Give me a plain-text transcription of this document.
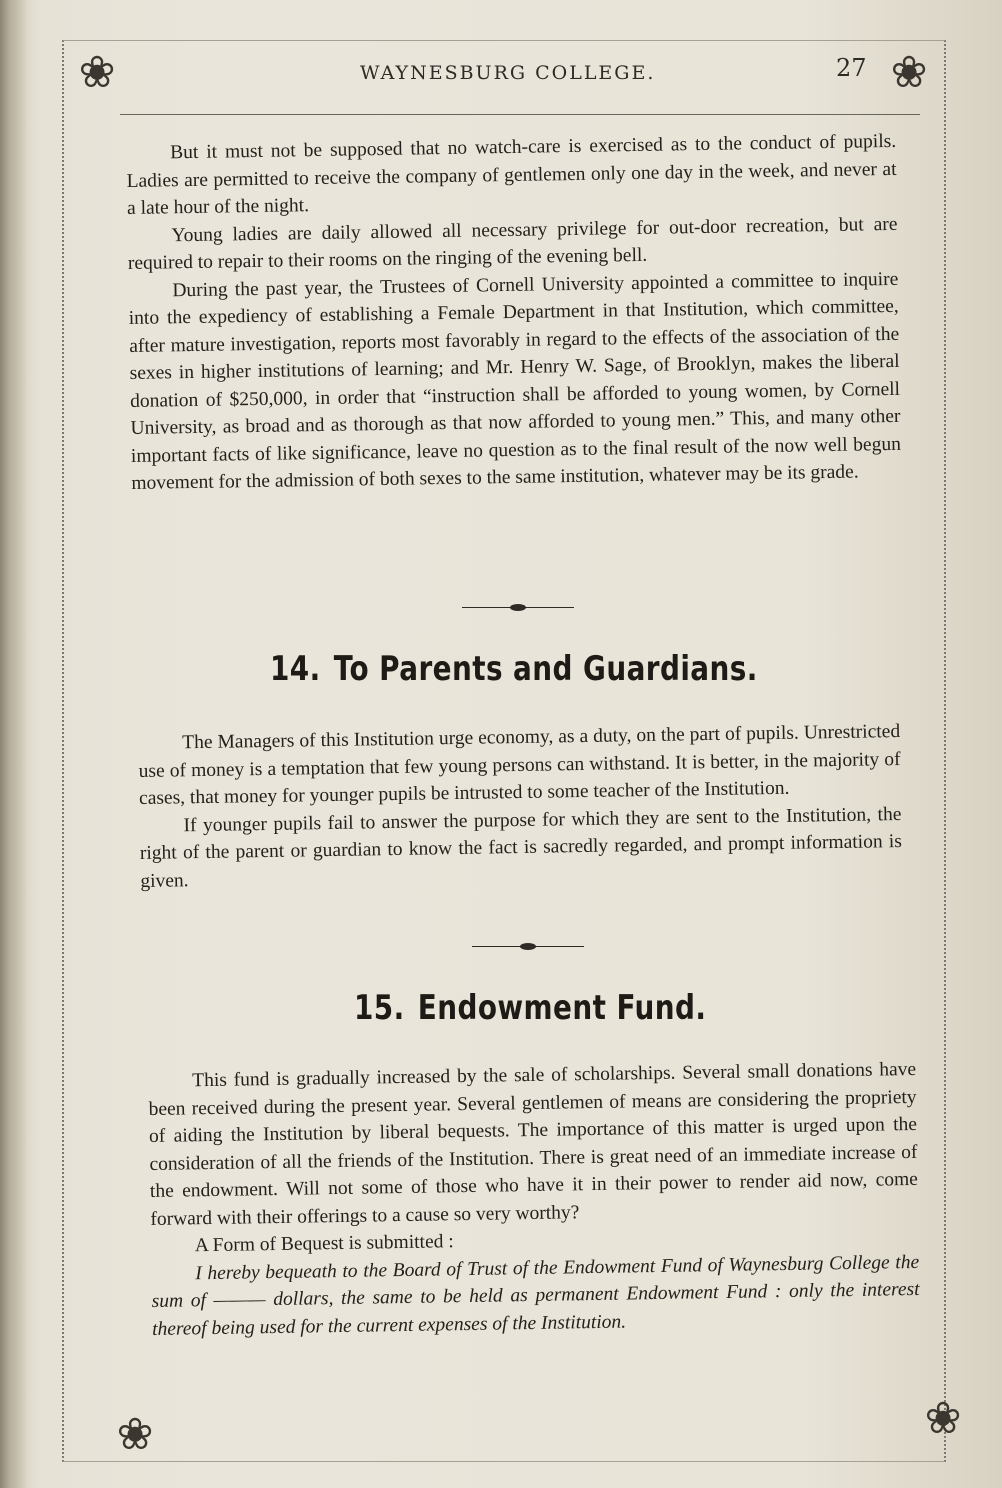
❀	❀
❀	❀
WAYNESBURG COLLEGE.	27

But it must not be supposed that no watch-care is exercised as to the conduct of pupils. Ladies are permitted to receive the company of gentlemen only one day in the week, and never at a late hour of the night.

Young ladies are daily allowed all necessary privilege for out-door recreation, but are required to repair to their rooms on the ringing of the evening bell.

During the past year, the Trustees of Cornell University appointed a committee to inquire into the expediency of establishing a Female Department in that Institution, which committee, after mature investigation, reports most favorably in regard to the effects of the association of the sexes in higher institutions of learning; and Mr. Henry W. Sage, of Brooklyn, makes the liberal donation of $250,000, in order that “instruction shall be afforded to young women, by Cornell University, as broad and as thorough as that now afforded to young men.” This, and many other important facts of like significance, leave no question as to the final result of the now well begun movement for the admission of both sexes to the same institution, whatever may be its grade.

14. To Parents and Guardians.

The Managers of this Institution urge economy, as a duty, on the part of pupils. Unrestricted use of money is a temptation that few young persons can withstand. It is better, in the majority of cases, that money for younger pupils be intrusted to some teacher of the Institution.

If younger pupils fail to answer the purpose for which they are sent to the Institution, the right of the parent or guardian to know the fact is sacredly regarded, and prompt information is given.

15. Endowment Fund.

This fund is gradually increased by the sale of scholarships. Several small donations have been received during the present year. Several gentlemen of means are considering the propriety of aiding the Institution by liberal bequests. The importance of this matter is urged upon the consideration of all the friends of the Institution. There is great need of an immediate increase of the endowment. Will not some of those who have it in their power to render aid now, come forward with their offerings to a cause so very worthy?

A Form of Bequest is submitted :

I hereby bequeath to the Board of Trust of the Endowment Fund of Waynesburg College the sum of ——— dollars, the same to be held as permanent Endowment Fund : only the interest thereof being used for the current expenses of the Institution.
